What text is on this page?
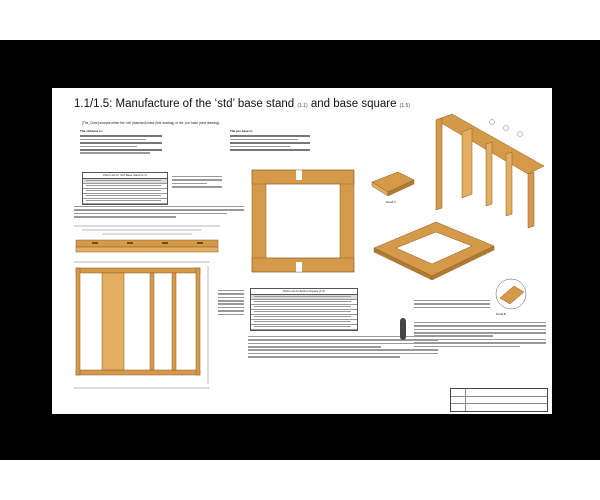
1.1/1.5: Manufacture of the ‘std’ base stand (1.1) and base square (1.5)
[The_Cube] accepts either the ‘std’ (standard) base (this drawing) or the ‘pro’ base (next drawing).
The std base is:	The pro base is:
Parts List for ‘Std’ Base Stand (1.1)
Parts List for Bottom Square (1.5)
Detail A
Detail B
